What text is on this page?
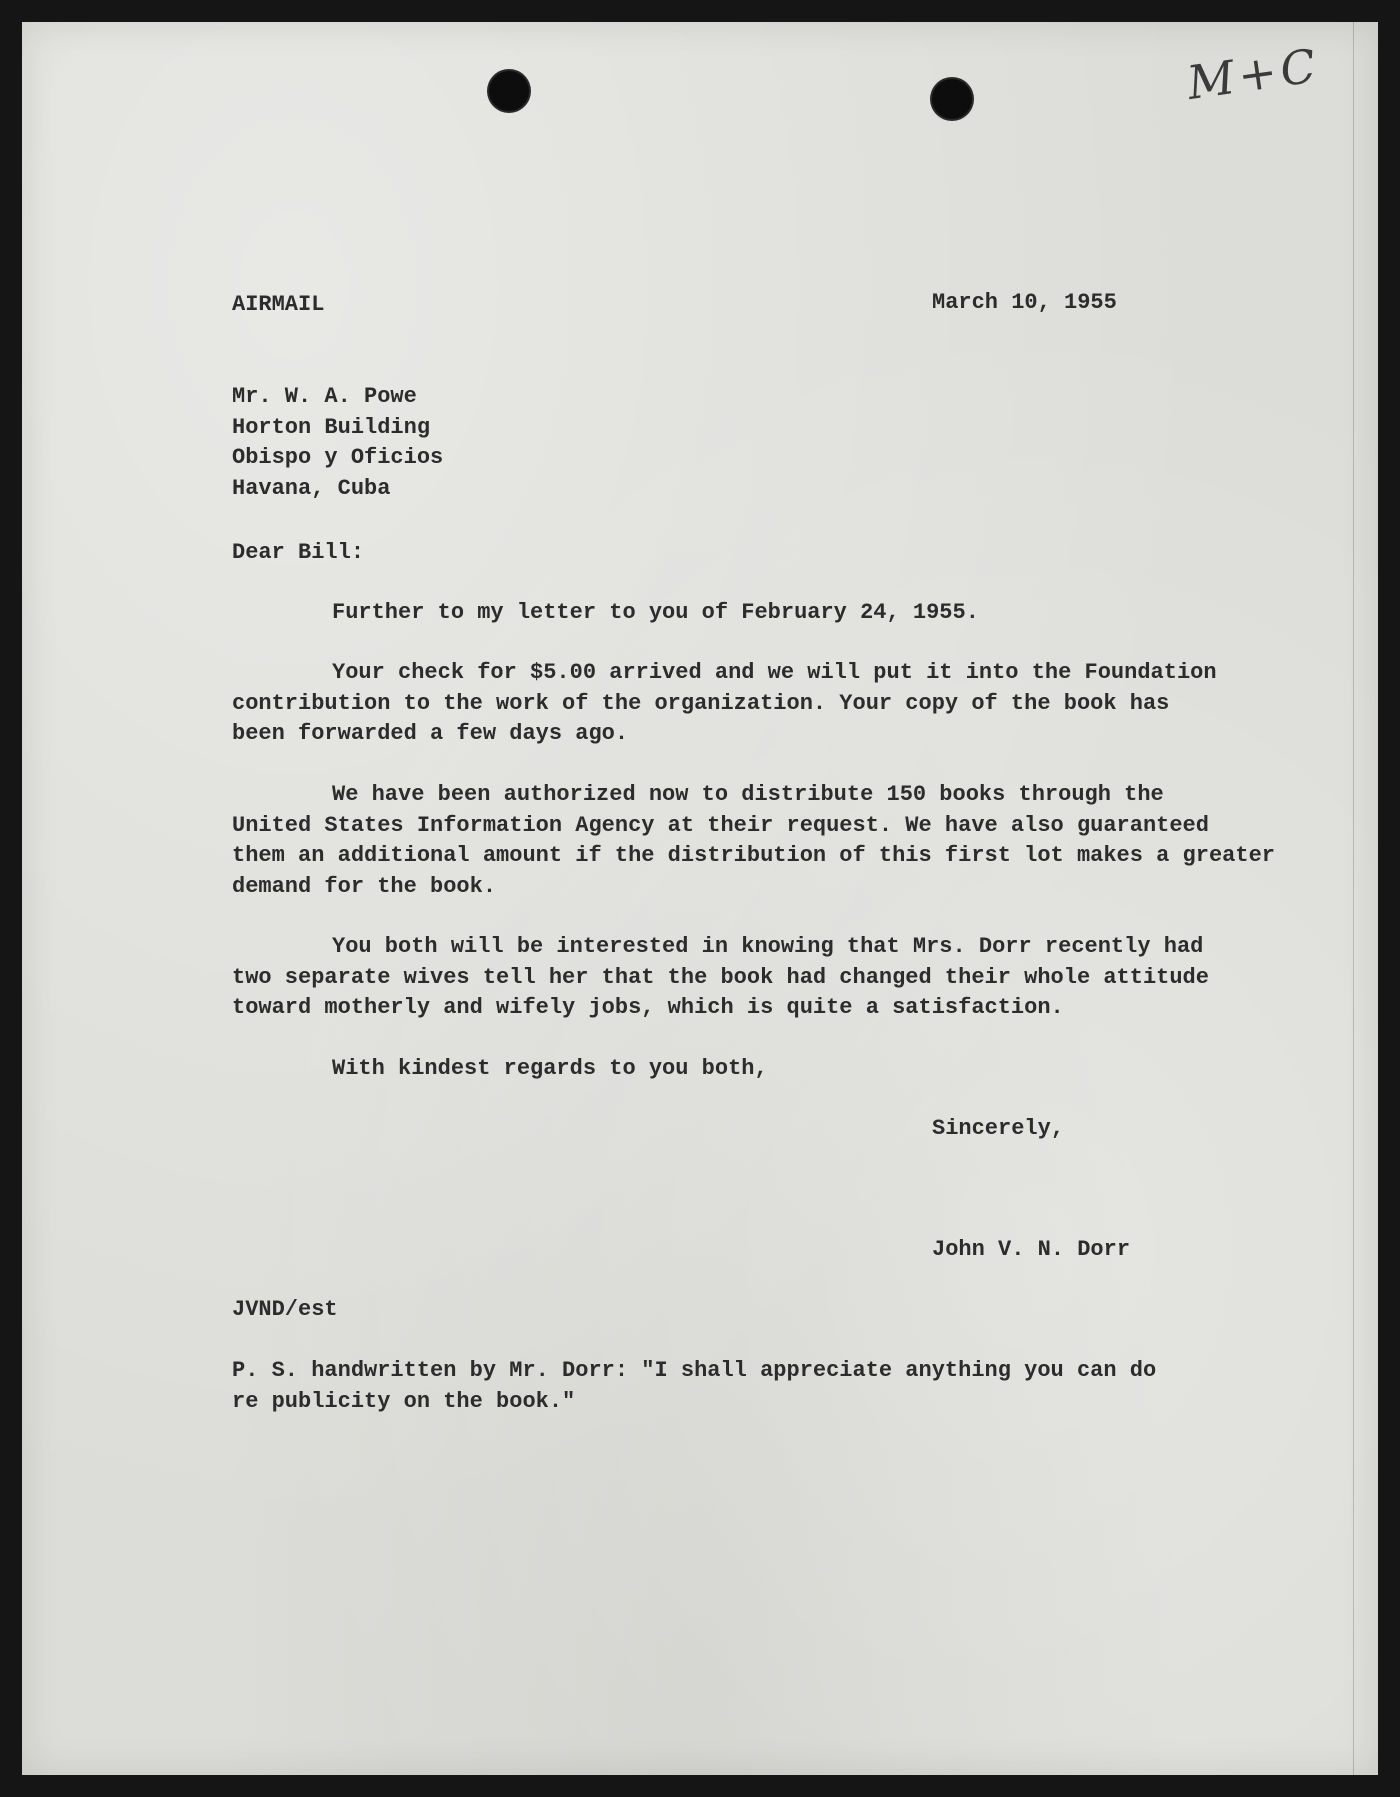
M+C
AIRMAIL	March 10, 1955
Mr. W. A. Powe
Horton Building
Obispo y Oficios
Havana, Cuba
Dear Bill:
Further to my letter to you of February 24, 1955.
Your check for $5.00 arrived and we will put it into the Foundation
contribution to the work of the organization. Your copy of the book has
been forwarded a few days ago.
We have been authorized now to distribute 150 books through the
United States Information Agency at their request. We have also guaranteed
them an additional amount if the distribution of this first lot makes a greater
demand for the book.
You both will be interested in knowing that Mrs. Dorr recently had
two separate wives tell her that the book had changed their whole attitude
toward motherly and wifely jobs, which is quite a satisfaction.
With kindest regards to you both,
Sincerely,
John V. N. Dorr
JVND/est
P. S. handwritten by Mr. Dorr: "I shall appreciate anything you can do
re publicity on the book."
